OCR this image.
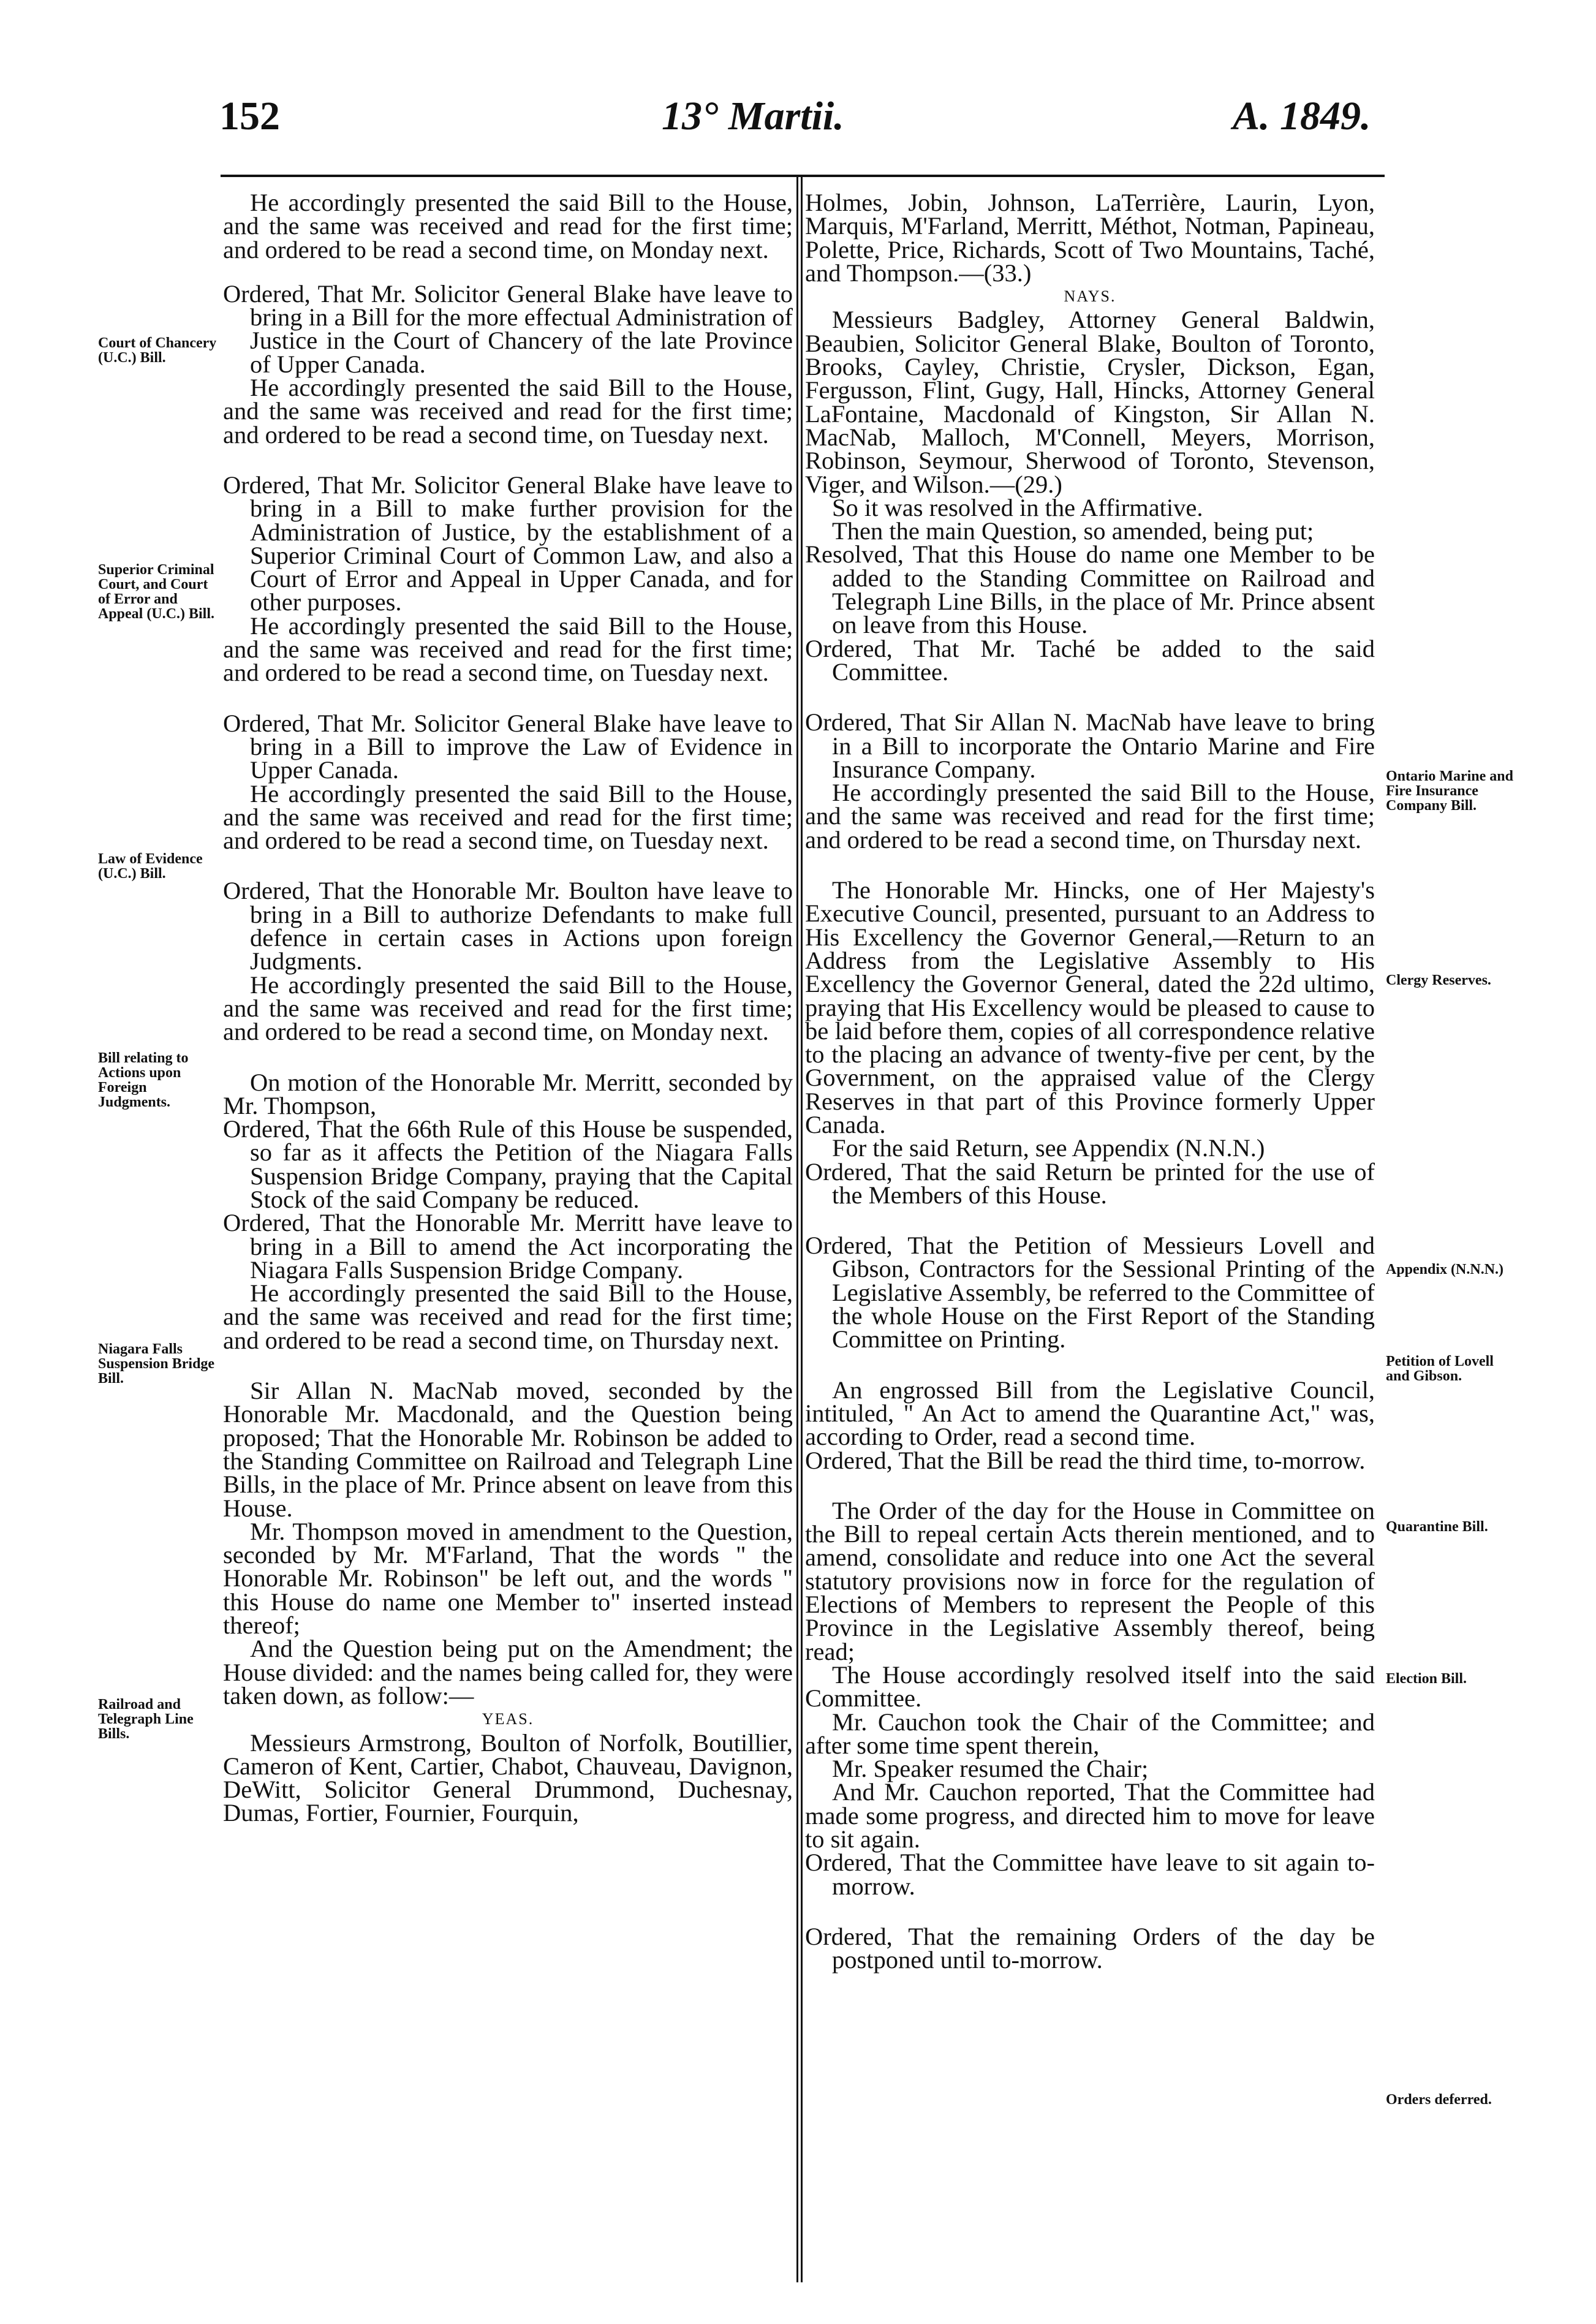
152	13° Martii.	A. 1849.
Court of Chancery (U.C.) Bill.
Superior Criminal Court, and Court of Error and Appeal (U.C.) Bill.
Law of Evidence (U.C.) Bill.
Bill relating to Actions upon Foreign Judgments.
Niagara Falls Suspension Bridge Bill.
Railroad and Telegraph Line Bills.

He accordingly presented the said Bill to the House, and the same was received and read for the first time; and ordered to be read a second time, on Monday next.

Ordered, That Mr. Solicitor General Blake have leave to bring in a Bill for the more effectual Administration of Justice in the Court of Chancery of the late Province of Upper Canada.

He accordingly presented the said Bill to the House, and the same was received and read for the first time; and ordered to be read a second time, on Tuesday next.

Ordered, That Mr. Solicitor General Blake have leave to bring in a Bill to make further provision for the Administration of Justice, by the establishment of a Superior Criminal Court of Common Law, and also a Court of Error and Appeal in Upper Canada, and for other purposes.

He accordingly presented the said Bill to the House, and the same was received and read for the first time; and ordered to be read a second time, on Tuesday next.

Ordered, That Mr. Solicitor General Blake have leave to bring in a Bill to improve the Law of Evidence in Upper Canada.

He accordingly presented the said Bill to the House, and the same was received and read for the first time; and ordered to be read a second time, on Tuesday next.

Ordered, That the Honorable Mr. Boulton have leave to bring in a Bill to authorize Defendants to make full defence in certain cases in Actions upon foreign Judgments.

He accordingly presented the said Bill to the House, and the same was received and read for the first time; and ordered to be read a second time, on Monday next.

On motion of the Honorable Mr. Merritt, seconded by Mr. Thompson,

Ordered, That the 66th Rule of this House be suspended, so far as it affects the Petition of the Niagara Falls Suspension Bridge Company, praying that the Capital Stock of the said Company be reduced.

Ordered, That the Honorable Mr. Merritt have leave to bring in a Bill to amend the Act incorporating the Niagara Falls Suspension Bridge Company.

He accordingly presented the said Bill to the House, and the same was received and read for the first time; and ordered to be read a second time, on Thursday next.

Sir Allan N. MacNab moved, seconded by the Honorable Mr. Macdonald, and the Question being proposed; That the Honorable Mr. Robinson be added to the Standing Committee on Railroad and Telegraph Line Bills, in the place of Mr. Prince absent on leave from this House.

Mr. Thompson moved in amendment to the Question, seconded by Mr. M'Farland, That the words " the Honorable Mr. Robinson" be left out, and the words " this House do name one Member to" inserted instead thereof;

And the Question being put on the Amendment; the House divided: and the names being called for, they were taken down, as follow:—

YEAS.

Messieurs Armstrong, Boulton of Norfolk, Boutillier, Cameron of Kent, Cartier, Chabot, Chauveau, Davignon, DeWitt, Solicitor General Drummond, Duchesnay, Dumas, Fortier, Fournier, Fourquin,

Holmes, Jobin, Johnson, LaTerrière, Laurin, Lyon, Marquis, M'Farland, Merritt, Méthot, Notman, Papineau, Polette, Price, Richards, Scott of Two Mountains, Taché, and Thompson.—(33.)

NAYS.

Messieurs Badgley, Attorney General Baldwin, Beaubien, Solicitor General Blake, Boulton of Toronto, Brooks, Cayley, Christie, Crysler, Dickson, Egan, Fergusson, Flint, Gugy, Hall, Hincks, Attorney General LaFontaine, Macdonald of Kingston, Sir Allan N. MacNab, Malloch, M'Connell, Meyers, Morrison, Robinson, Seymour, Sherwood of Toronto, Stevenson, Viger, and Wilson.—(29.)

So it was resolved in the Affirmative.

Then the main Question, so amended, being put;

Resolved, That this House do name one Member to be added to the Standing Committee on Railroad and Telegraph Line Bills, in the place of Mr. Prince absent on leave from this House.

Ordered, That Mr. Taché be added to the said Committee.

Ordered, That Sir Allan N. MacNab have leave to bring in a Bill to incorporate the Ontario Marine and Fire Insurance Company.

He accordingly presented the said Bill to the House, and the same was received and read for the first time; and ordered to be read a second time, on Thursday next.

The Honorable Mr. Hincks, one of Her Majesty's Executive Council, presented, pursuant to an Address to His Excellency the Governor General,—Return to an Address from the Legislative Assembly to His Excellency the Governor General, dated the 22d ultimo, praying that His Excellency would be pleased to cause to be laid before them, copies of all correspondence relative to the placing an advance of twenty-five per cent, by the Government, on the appraised value of the Clergy Reserves in that part of this Province formerly Upper Canada.

For the said Return, see Appendix (N.N.N.)

Ordered, That the said Return be printed for the use of the Members of this House.

Ordered, That the Petition of Messieurs Lovell and Gibson, Contractors for the Sessional Printing of the Legislative Assembly, be referred to the Committee of the whole House on the First Report of the Standing Committee on Printing.

An engrossed Bill from the Legislative Council, intituled, " An Act to amend the Quarantine Act," was, according to Order, read a second time.

Ordered, That the Bill be read the third time, to-morrow.

The Order of the day for the House in Committee on the Bill to repeal certain Acts therein mentioned, and to amend, consolidate and reduce into one Act the several statutory provisions now in force for the regulation of Elections of Members to represent the People of this Province in the Legislative Assembly thereof, being read;

The House accordingly resolved itself into the said Committee.

Mr. Cauchon took the Chair of the Committee; and after some time spent therein,

Mr. Speaker resumed the Chair;

And Mr. Cauchon reported, That the Committee had made some progress, and directed him to move for leave to sit again.

Ordered, That the Committee have leave to sit again to-morrow.

Ordered, That the remaining Orders of the day be postponed until to-morrow.

Ontario Marine and Fire Insurance Company Bill.
Clergy Reserves.
Appendix (N.N.N.)
Petition of Lovell and Gibson.
Quarantine Bill.
Election Bill.
Orders deferred.
